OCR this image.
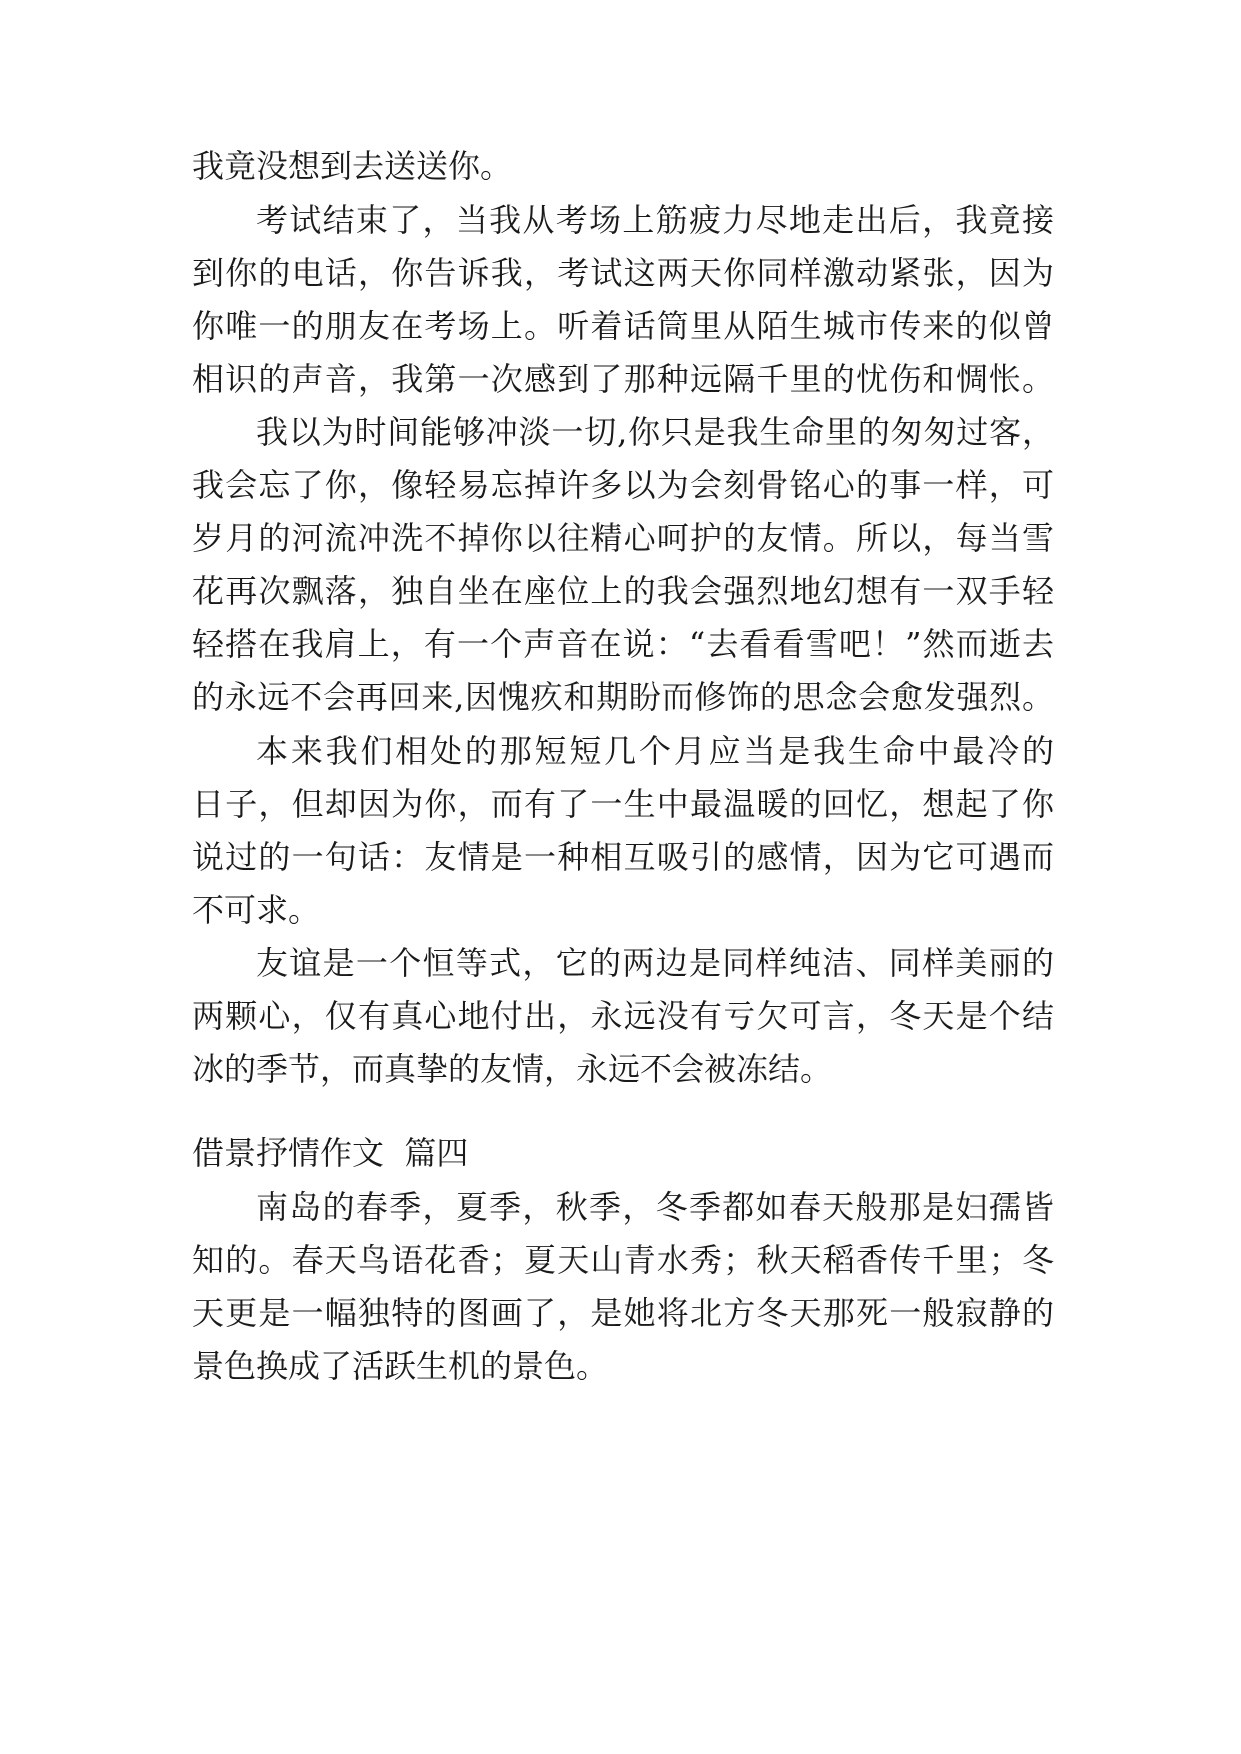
我竟没想到去送送你。
考试结束了，当我从考场上筋疲力尽地走出后，我竟接
到你的电话，你告诉我，考试这两天你同样激动紧张，因为
你唯一的朋友在考场上。听着话筒里从陌生城市传来的似曾
相识的声音，我第一次感到了那种远隔千里的忧伤和惆怅。
我以为时间能够冲淡一切,你只是我生命里的匆匆过客，
我会忘了你，像轻易忘掉许多以为会刻骨铭心的事一样，可
岁月的河流冲洗不掉你以往精心呵护的友情。所以，每当雪
花再次飘落，独自坐在座位上的我会强烈地幻想有一双手轻
轻搭在我肩上，有一个声音在说：“去看看雪吧！”然而逝去
的永远不会再回来,因愧疚和期盼而修饰的思念会愈发强烈。
本来我们相处的那短短几个月应当是我生命中最冷的
日子，但却因为你，而有了一生中最温暖的回忆，想起了你
说过的一句话：友情是一种相互吸引的感情，因为它可遇而
不可求。
友谊是一个恒等式，它的两边是同样纯洁、同样美丽的
两颗心，仅有真心地付出，永远没有亏欠可言，冬天是个结
冰的季节，而真挚的友情，永远不会被冻结。
借景抒情作文  篇四
南岛的春季，夏季，秋季，冬季都如春天般那是妇孺皆
知的。春天鸟语花香；夏天山青水秀；秋天稻香传千里；冬
天更是一幅独特的图画了，是她将北方冬天那死一般寂静的
景色换成了活跃生机的景色。
